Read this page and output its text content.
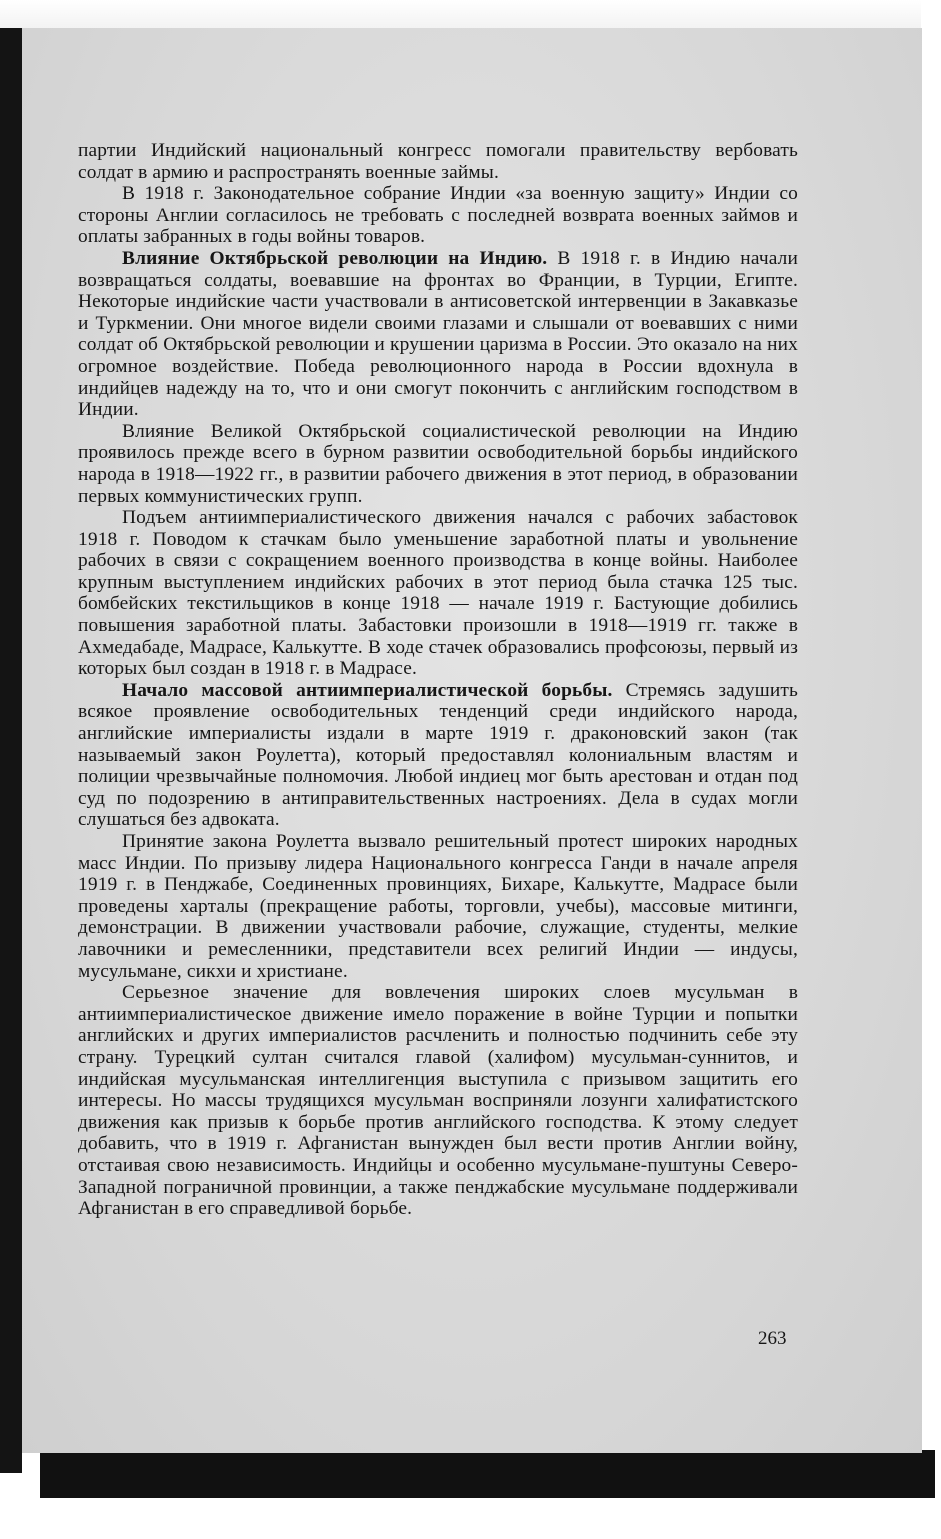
партии Индийский национальный конгресс помогали правительству вербовать солдат в армию и распространять военные займы.

В 1918 г. Законодательное собрание Индии «за военную защиту» Индии со стороны Англии согласилось не требовать с последней возврата военных займов и оплаты забранных в годы войны товаров.

Влияние Октябрьской революции на Индию. В 1918 г. в Индию начали возвращаться солдаты, воевавшие на фронтах во Франции, в Турции, Египте. Некоторые индийские части участвовали в антисоветской интервенции в Закавказье и Туркмении. Они многое видели своими глазами и слышали от воевавших с ними солдат об Октябрьской революции и крушении царизма в России. Это оказало на них огромное воздействие. Победа революционного народа в России вдохнула в индийцев надежду на то, что и они смогут покончить с английским господством в Индии.

Влияние Великой Октябрьской социалистической революции на Индию проявилось прежде всего в бурном развитии освободительной борьбы индийского народа в 1918—1922 гг., в развитии рабочего движения в этот период, в образовании первых коммунистических групп.

Подъем антиимпериалистического движения начался с рабочих забастовок 1918 г. Поводом к стачкам было уменьшение заработной платы и увольнение рабочих в связи с сокращением военного производства в конце войны. Наиболее крупным выступлением индийских рабочих в этот период была стачка 125 тыс. бомбейских текстильщиков в конце 1918 — начале 1919 г. Бастующие добились повышения заработной платы. Забастовки произошли в 1918—1919 гг. также в Ахмедабаде, Мадрасе, Калькутте. В ходе стачек образовались профсоюзы, первый из которых был создан в 1918 г. в Мадрасе.

Начало массовой антиимпериалистической борьбы. Стремясь задушить всякое проявление освободительных тенденций среди индийского народа, английские империалисты издали в марте 1919 г. драконовский закон (так называемый закон Роулетта), который предоставлял колониальным властям и полиции чрезвычайные полномочия. Любой индиец мог быть арестован и отдан под суд по подозрению в антиправительственных настроениях. Дела в судах могли слушаться без адвоката.

Принятие закона Роулетта вызвало решительный протест широких народных масс Индии. По призыву лидера Национального конгресса Ганди в начале апреля 1919 г. в Пенджабе, Соединенных провинциях, Бихаре, Калькутте, Мадрасе были проведены харталы (прекращение работы, торговли, учебы), массовые митинги, демонстрации. В движении участвовали рабочие, служащие, студенты, мелкие лавочники и ремесленники, представители всех религий Индии — индусы, мусульмане, сикхи и христиане.

Серьезное значение для вовлечения широких слоев мусульман в антиимпериалистическое движение имело поражение в войне Турции и попытки английских и других империалистов расчленить и полностью подчинить себе эту страну. Турецкий султан считался главой (халифом) мусульман-суннитов, и индийская мусульманская интеллигенция выступила с призывом защитить его интересы. Но массы трудящихся мусульман восприняли лозунги халифатистского движения как призыв к борьбе против английского господства. К этому следует добавить, что в 1919 г. Афганистан вынужден был вести против Англии войну, отстаивая свою независимость. Индийцы и особенно мусульмане-пуштуны Северо-Западной пограничной провинции, а также пенджабские мусульмане поддерживали Афганистан в его справедливой борьбе.

263
